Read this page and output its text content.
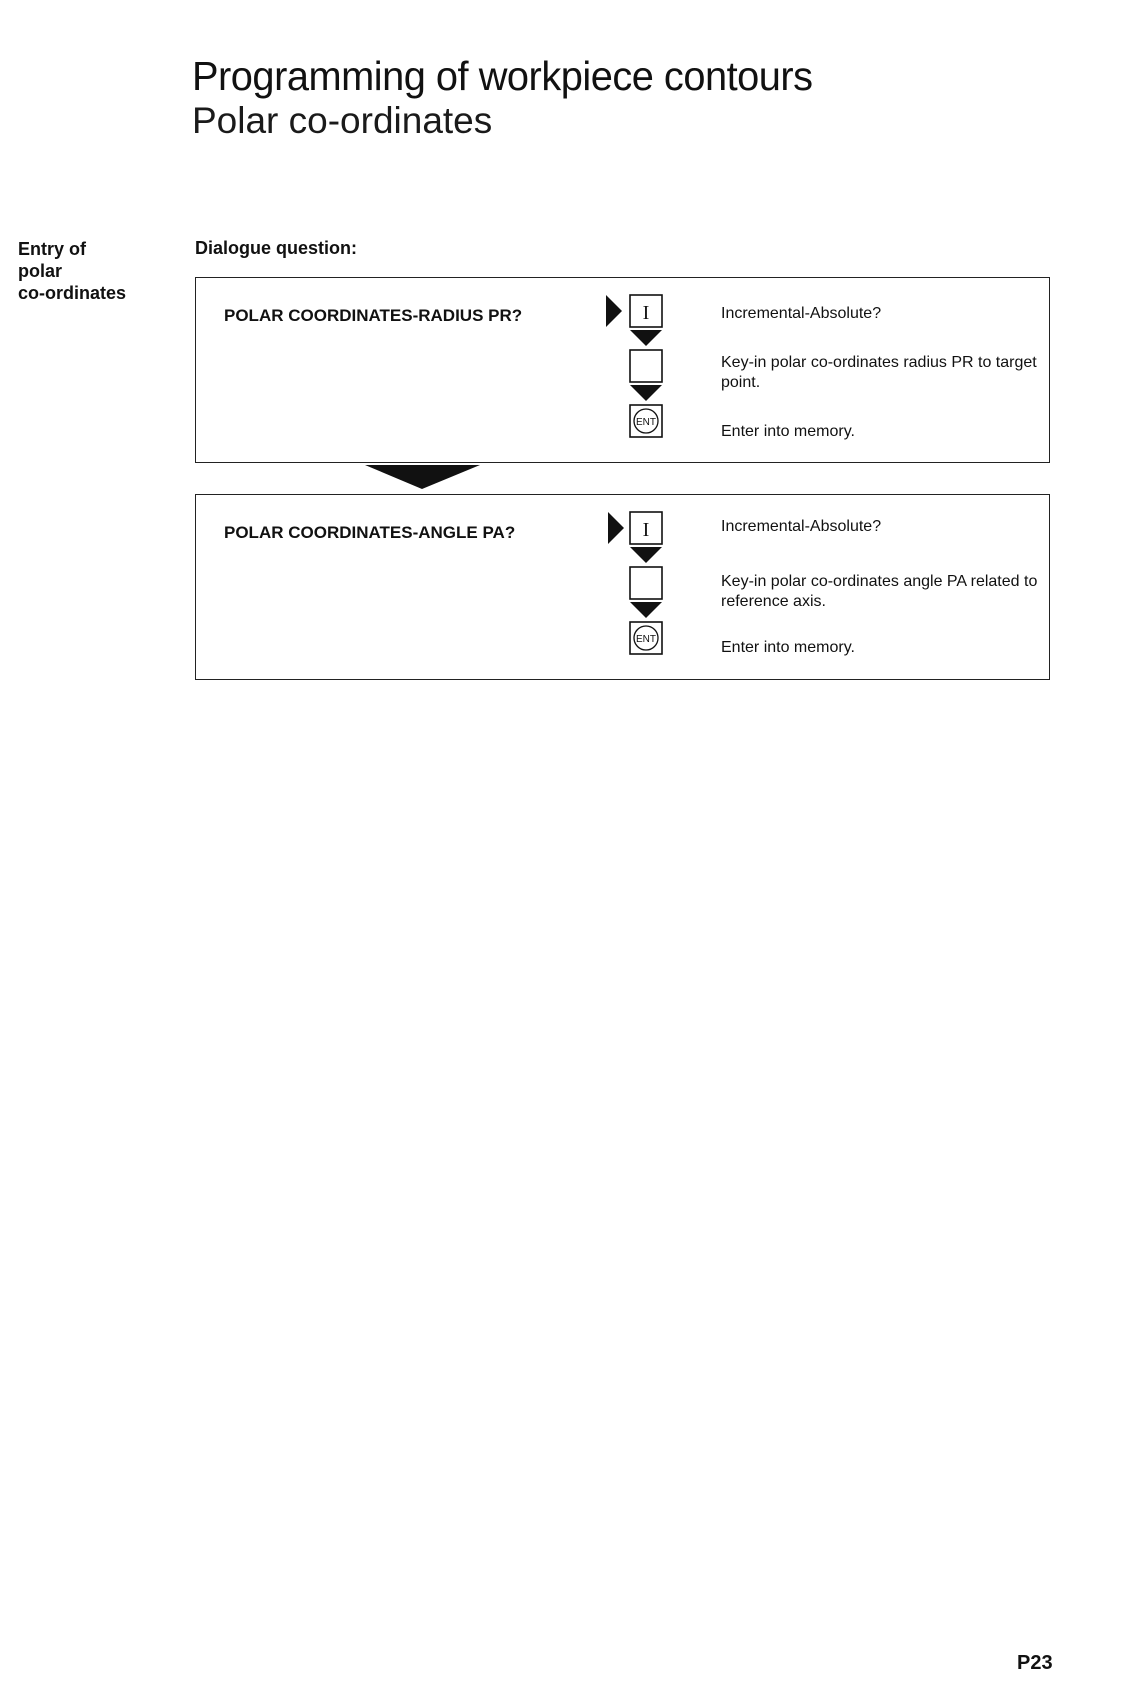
Programming of workpiece contours
Polar co-ordinates

Entry of
polar
co-ordinates

Dialogue question:

POLAR COORDINATES-RADIUS PR?	I
ENT

Incremental-Absolute?

Key-in polar co-ordinates radius PR to target point.

Enter into memory.

POLAR COORDINATES-ANGLE PA?	I
ENT

Incremental-Absolute?

Key-in polar co-ordinates angle PA related to reference axis.

Enter into memory.

P23
